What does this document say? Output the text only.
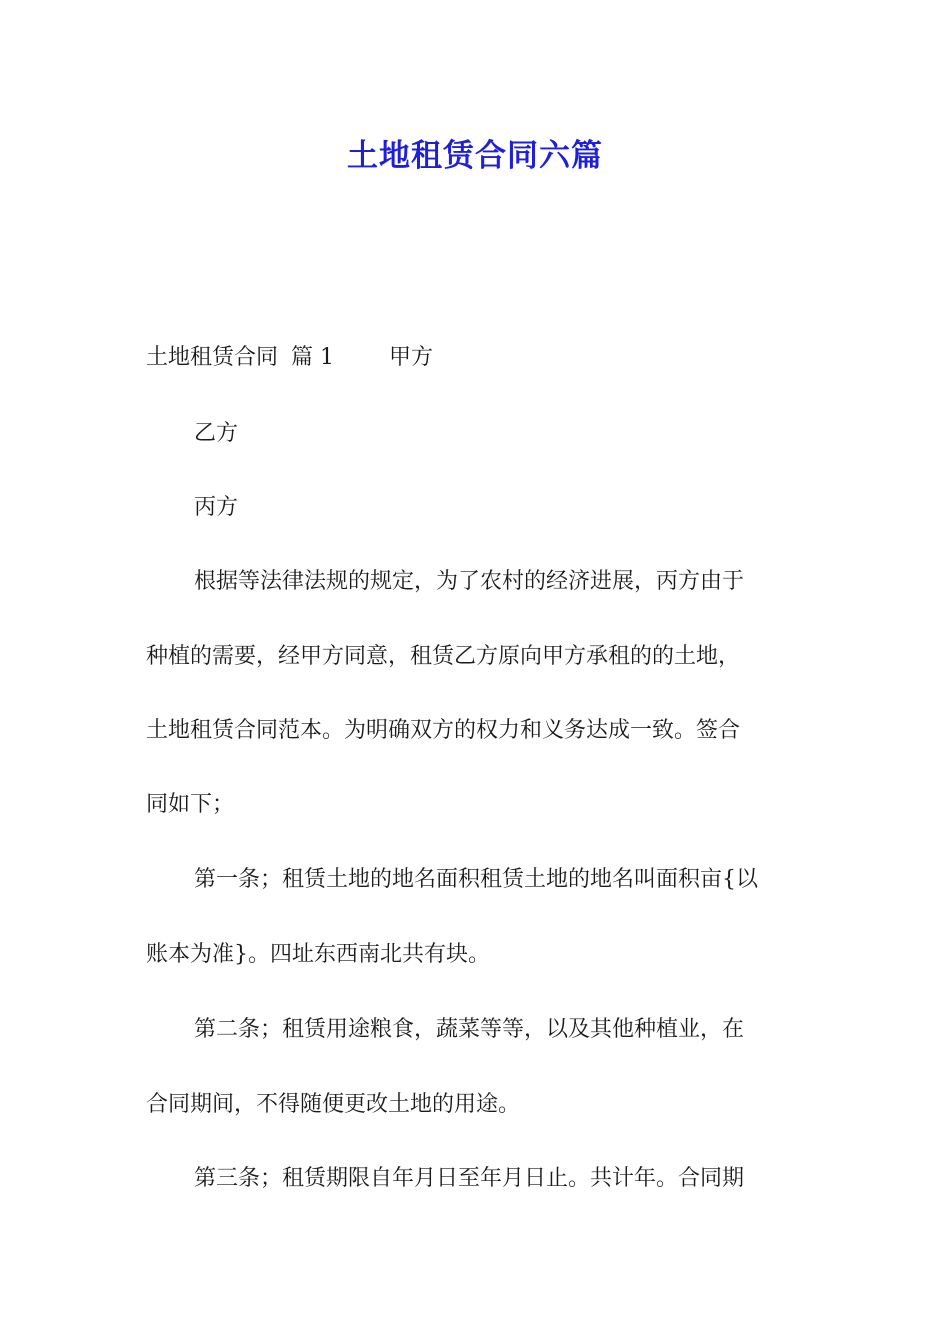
土地租赁合同六篇

土地租赁合同 篇 1	甲方

乙方

丙方

根据等法律法规的规定，为了农村的经济进展，丙方由于

种植的需要，经甲方同意，租赁乙方原向甲方承租的的土地，

土地租赁合同范本。为明确双方的权力和义务达成一致。签合

同如下；

第一条；租赁土地的地名面积租赁土地的地名叫面积亩{以

账本为准}。四址东西南北共有块。

第二条；租赁用途粮食，蔬菜等等，以及其他种植业，在

合同期间，不得随便更改土地的用途。

第三条；租赁期限自年月日至年月日止。共计年。合同期
